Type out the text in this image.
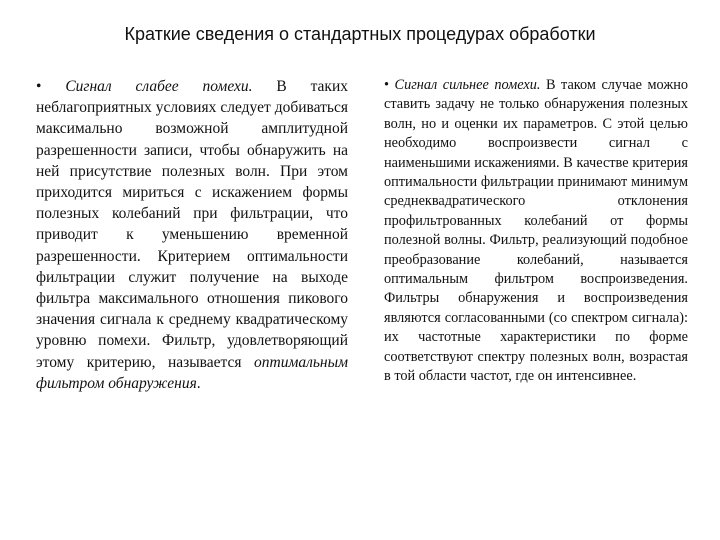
Краткие сведения о стандартных процедурах обработки

• Сигнал слабее помехи. В таких неблагоприятных условиях следует добиваться максимально возможной амплитудной разрешенности записи, чтобы обнаружить на ней присутствие полезных волн. При этом приходится мириться с искажением формы полезных колебаний при фильтрации, что приводит к уменьшению временной разрешенности. Критерием оптимальности фильтрации служит получение на выходе фильтра максимального отношения пикового значения сигнала к среднему квадратическому уровню помехи. Фильтр, удовлетворяющий этому критерию, называется оптимальным фильтром обнаружения.

• Сигнал сильнее помехи. В таком случае можно ставить задачу не только обнаружения полезных волн, но и оценки их параметров. С этой целью необходимо воспроизвести сигнал с наименьшими искажениями. В качестве критерия оптимальности фильтрации принимают минимум среднеквадратического отклонения профильтрованных колебаний от формы полезной волны. Фильтр, реализующий подобное преобразование колебаний, называется оптимальным фильтром воспроизведения. Фильтры обнаружения и воспроизведения являются согласованными (со спектром сигнала): их частотные характеристики по форме соответствуют спектру полезных волн, возрастая в той области частот, где он интенсивнее.
